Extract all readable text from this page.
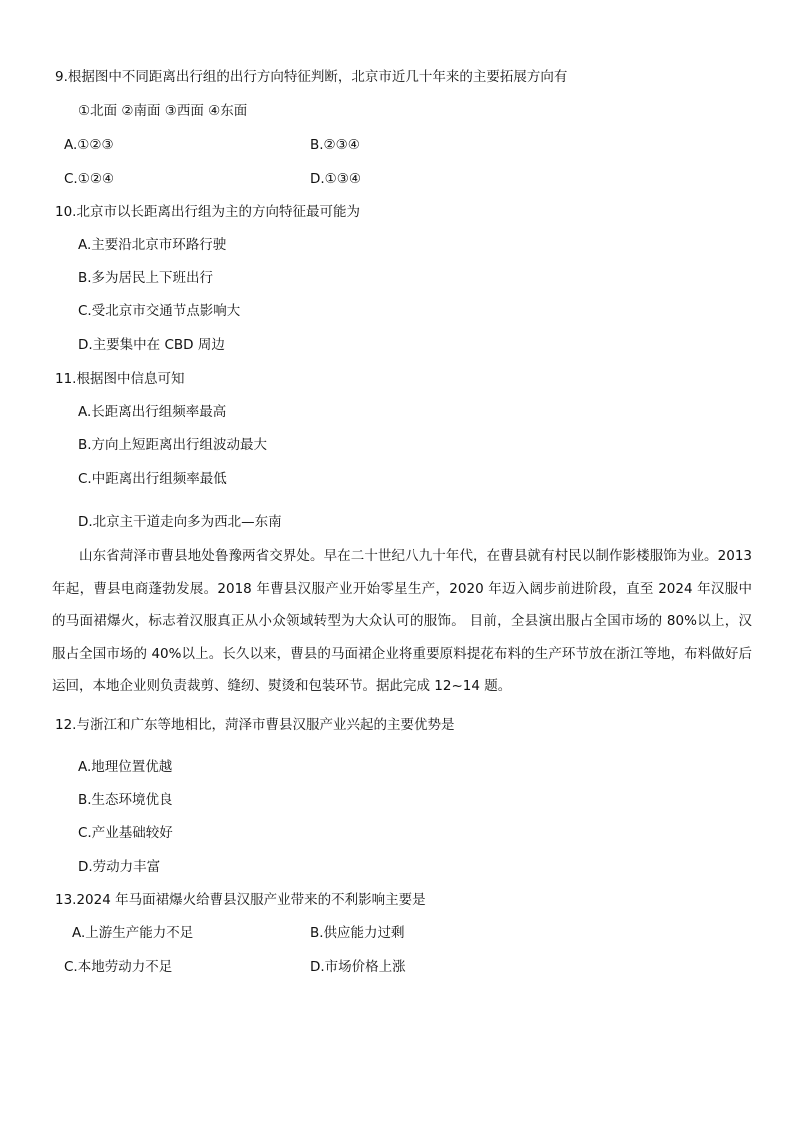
9.根据图中不同距离出行组的出行方向特征判断，北京市近几十年来的主要拓展方向有
①北面 ②南面 ③西面 ④东面
A.①②③	B.②③④
C.①②④	D.①③④
10.北京市以长距离出行组为主的方向特征最可能为
A.主要沿北京市环路行驶
B.多为居民上下班出行
C.受北京市交通节点影响大
D.主要集中在 CBD 周边
11.根据图中信息可知
A.长距离出行组频率最高
B.方向上短距离出行组波动最大
C.中距离出行组频率最低
D.北京主干道走向多为西北—东南
山东省菏泽市曹县地处鲁豫两省交界处。早在二十世纪八九十年代，在曹县就有村民以制作影楼服饰为业。2013 年起，曹县电商蓬勃发展。2018 年曹县汉服产业开始零星生产，2020 年迈入阔步前进阶段，直至 2024 年汉服中的马面裙爆火，标志着汉服真正从小众领域转型为大众认可的服饰。 目前，全县演出服占全国市场的 80%以上，汉服占全国市场的 40%以上。长久以来，曹县的马面裙企业将重要原料提花布料的生产环节放在浙江等地，布料做好后运回，本地企业则负责裁剪、缝纫、熨烫和包装环节。据此完成 12~14 题。
12.与浙江和广东等地相比，菏泽市曹县汉服产业兴起的主要优势是
A.地理位置优越
B.生态环境优良
C.产业基础较好
D.劳动力丰富
13.2024 年马面裙爆火给曹县汉服产业带来的不利影响主要是
A.上游生产能力不足	B.供应能力过剩
C.本地劳动力不足	D.市场价格上涨
